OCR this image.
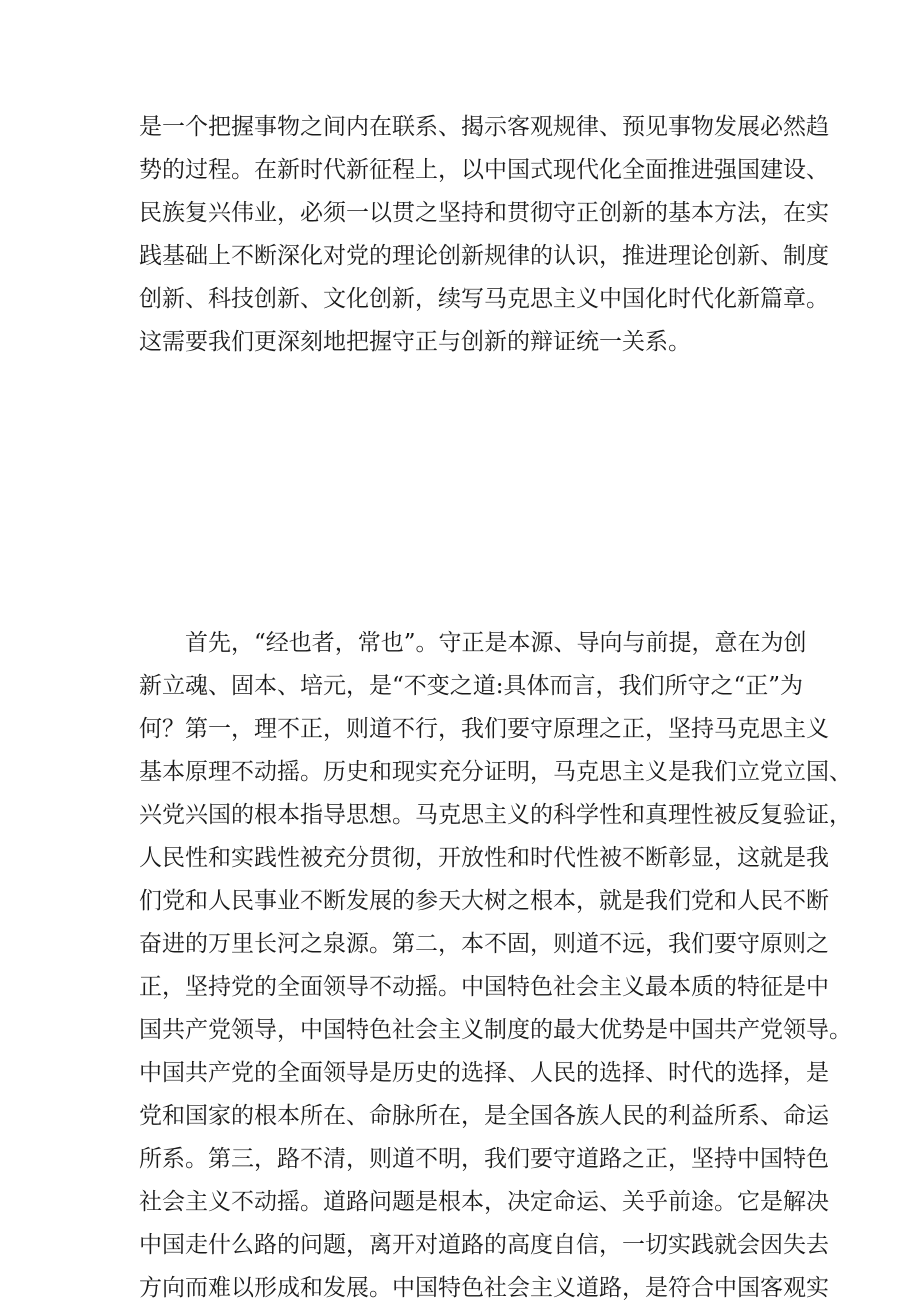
是一个把握事物之间内在联系、揭示客观规律、预见事物发展必然趋
势的过程。在新时代新征程上，以中国式现代化全面推进强国建设、
民族复兴伟业，必须一以贯之坚持和贯彻守正创新的基本方法，在实
践基础上不断深化对党的理论创新规律的认识，推进理论创新、制度
创新、科技创新、文化创新，续写马克思主义中国化时代化新篇章。
这需要我们更深刻地把握守正与创新的辩证统一关系。
首先，“经也者，常也”。守正是本源、导向与前提，意在为创
新立魂、固本、培元，是“不变之道:具体而言，我们所守之“正”为
何？第一，理不正，则道不行，我们要守原理之正，坚持马克思主义
基本原理不动摇。历史和现实充分证明，马克思主义是我们立党立国、
兴党兴国的根本指导思想。马克思主义的科学性和真理性被反复验证，
人民性和实践性被充分贯彻，开放性和时代性被不断彰显，这就是我
们党和人民事业不断发展的参天大树之根本，就是我们党和人民不断
奋进的万里长河之泉源。第二，本不固，则道不远，我们要守原则之
正，坚持党的全面领导不动摇。中国特色社会主义最本质的特征是中
国共产党领导，中国特色社会主义制度的最大优势是中国共产党领导。
中国共产党的全面领导是历史的选择、人民的选择、时代的选择，是
党和国家的根本所在、命脉所在，是全国各族人民的利益所系、命运
所系。第三，路不清，则道不明，我们要守道路之正，坚持中国特色
社会主义不动摇。道路问题是根本，决定命运、关乎前途。它是解决
中国走什么路的问题，离开对道路的高度自信，一切实践就会因失去
方向而难以形成和发展。中国特色社会主义道路，是符合中国客观实
